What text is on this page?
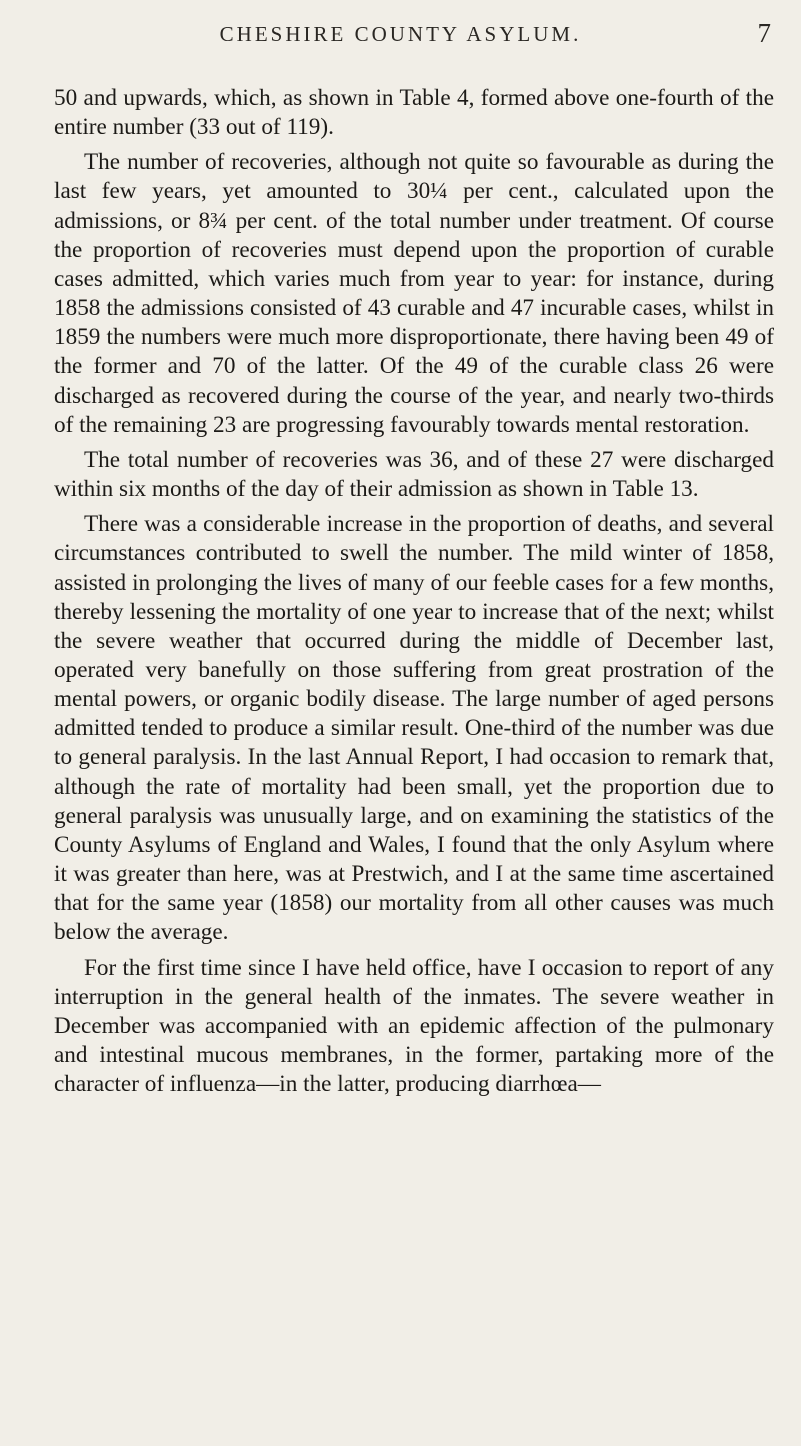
CHESHIRE COUNTY ASYLUM.	7

50 and upwards, which, as shown in Table 4, formed above one-fourth of the entire number (33 out of 119).

The number of recoveries, although not quite so favourable as during the last few years, yet amounted to 30¼ per cent., calculated upon the admissions, or 8¾ per cent. of the total number under treatment. Of course the proportion of recoveries must depend upon the proportion of curable cases admitted, which varies much from year to year: for instance, during 1858 the admissions consisted of 43 curable and 47 incurable cases, whilst in 1859 the numbers were much more disproportionate, there having been 49 of the former and 70 of the latter. Of the 49 of the curable class 26 were discharged as recovered during the course of the year, and nearly two-thirds of the remaining 23 are progressing favourably towards mental restoration.

The total number of recoveries was 36, and of these 27 were discharged within six months of the day of their admission as shown in Table 13.

There was a considerable increase in the proportion of deaths, and several circumstances contributed to swell the number. The mild winter of 1858, assisted in prolonging the lives of many of our feeble cases for a few months, thereby lessening the mortality of one year to increase that of the next; whilst the severe weather that occurred during the middle of December last, operated very banefully on those suffering from great prostration of the mental powers, or organic bodily disease. The large number of aged persons admitted tended to produce a similar result. One-third of the number was due to general paralysis. In the last Annual Report, I had occasion to remark that, although the rate of mortality had been small, yet the proportion due to general paralysis was unusually large, and on examining the statistics of the County Asylums of England and Wales, I found that the only Asylum where it was greater than here, was at Prestwich, and I at the same time ascertained that for the same year (1858) our mortality from all other causes was much below the average.

For the first time since I have held office, have I occasion to report of any interruption in the general health of the inmates. The severe weather in December was accompanied with an epidemic affection of the pulmonary and intestinal mucous membranes, in the former, partaking more of the character of influenza—in the latter, producing diarrhœa—
